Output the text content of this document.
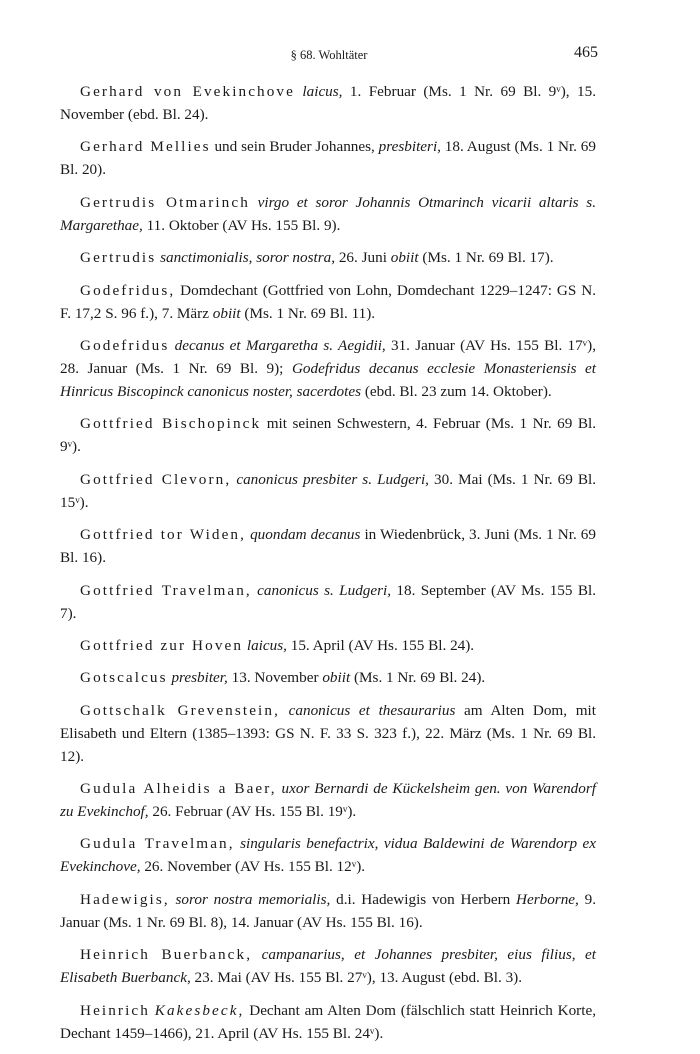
§ 68. Wohltäter	465

Gerhard von Evekinchove laicus, 1. Februar (Ms. 1 Nr. 69 Bl. 9ᵛ), 15. November (ebd. Bl. 24).

Gerhard Mellies und sein Bruder Johannes, presbiteri, 18. August (Ms. 1 Nr. 69 Bl. 20).

Gertrudis Otmarinch virgo et soror Johannis Otmarinch vicarii altaris s. Margarethae, 11. Oktober (AV Hs. 155 Bl. 9).

Gertrudis sanctimonialis, soror nostra, 26. Juni obiit (Ms. 1 Nr. 69 Bl. 17).

Godefridus, Domdechant (Gottfried von Lohn, Domdechant 1229–1247: GS N. F. 17,2 S. 96 f.), 7. März obiit (Ms. 1 Nr. 69 Bl. 11).

Godefridus decanus et Margaretha s. Aegidii, 31. Januar (AV Hs. 155 Bl. 17ᵛ), 28. Januar (Ms. 1 Nr. 69 Bl. 9); Godefridus decanus ecclesie Monasteriensis et Hinricus Biscopinck canonicus noster, sacerdotes (ebd. Bl. 23 zum 14. Oktober).

Gottfried Bischopinck mit seinen Schwestern, 4. Februar (Ms. 1 Nr. 69 Bl. 9ᵛ).

Gottfried Clevorn, canonicus presbiter s. Ludgeri, 30. Mai (Ms. 1 Nr. 69 Bl. 15ᵛ).

Gottfried tor Widen, quondam decanus in Wiedenbrück, 3. Juni (Ms. 1 Nr. 69 Bl. 16).

Gottfried Travelman, canonicus s. Ludgeri, 18. September (AV Ms. 155 Bl. 7).

Gottfried zur Hoven laicus, 15. April (AV Hs. 155 Bl. 24).

Gotscalcus presbiter, 13. November obiit (Ms. 1 Nr. 69 Bl. 24).

Gottschalk Grevenstein, canonicus et thesaurarius am Alten Dom, mit Elisabeth und Eltern (1385–1393: GS N. F. 33 S. 323 f.), 22. März (Ms. 1 Nr. 69 Bl. 12).

Gudula Alheidis a Baer, uxor Bernardi de Kückelsheim gen. von Warendorf zu Evekinchof, 26. Februar (AV Hs. 155 Bl. 19ᵛ).

Gudula Travelman, singularis benefactrix, vidua Baldewini de Warendorp ex Evekinchove, 26. November (AV Hs. 155 Bl. 12ᵛ).

Hadewigis, soror nostra memorialis, d.i. Hadewigis von Herbern Herborne, 9. Januar (Ms. 1 Nr. 69 Bl. 8), 14. Januar (AV Hs. 155 Bl. 16).

Heinrich Buerbanck, campanarius, et Johannes presbiter, eius filius, et Elisabeth Buerbanck, 23. Mai (AV Hs. 155 Bl. 27ᵛ), 13. August (ebd. Bl. 3).

Heinrich Kakesbeck, Dechant am Alten Dom (fälschlich statt Heinrich Korte, Dechant 1459–1466), 21. April (AV Hs. 155 Bl. 24ᵛ).
